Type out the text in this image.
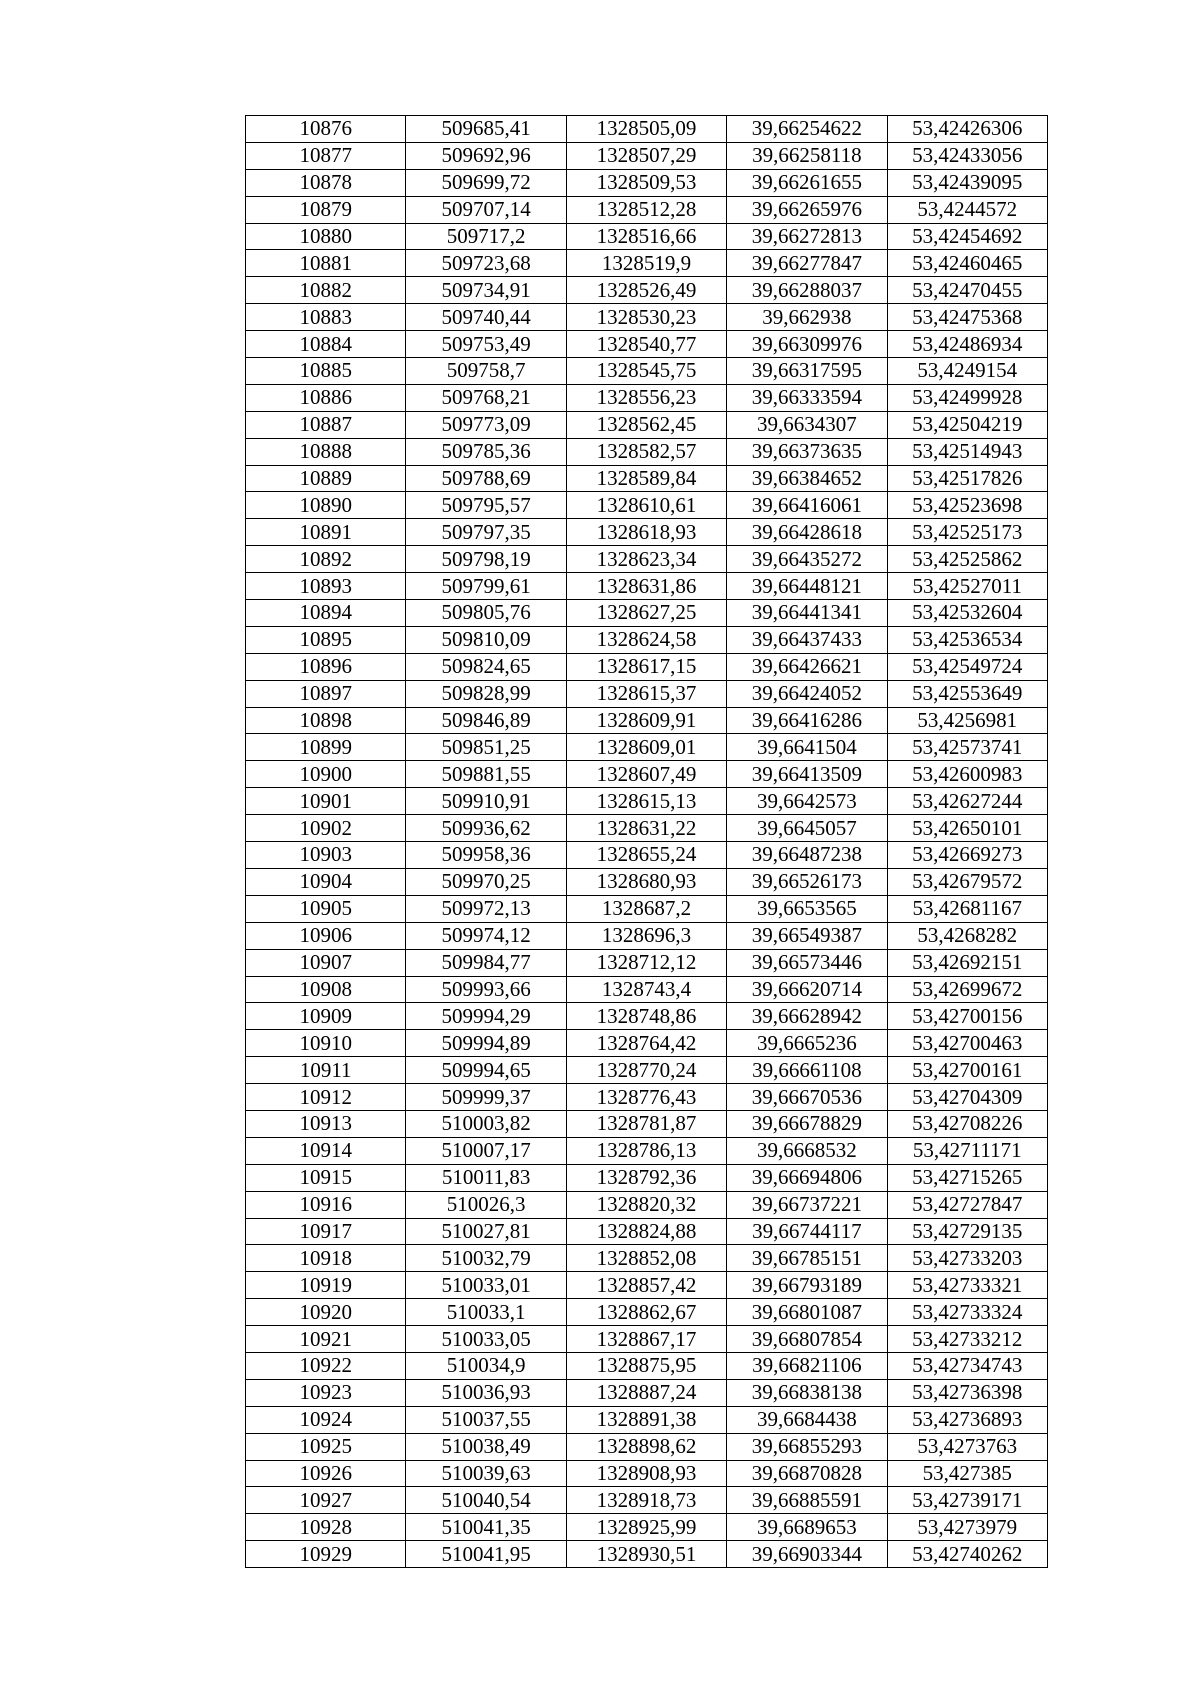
10876	509685,41	1328505,09	39,66254622	53,42426306
10877	509692,96	1328507,29	39,66258118	53,42433056
10878	509699,72	1328509,53	39,66261655	53,42439095
10879	509707,14	1328512,28	39,66265976	53,4244572
10880	509717,2	1328516,66	39,66272813	53,42454692
10881	509723,68	1328519,9	39,66277847	53,42460465
10882	509734,91	1328526,49	39,66288037	53,42470455
10883	509740,44	1328530,23	39,662938	53,42475368
10884	509753,49	1328540,77	39,66309976	53,42486934
10885	509758,7	1328545,75	39,66317595	53,4249154
10886	509768,21	1328556,23	39,66333594	53,42499928
10887	509773,09	1328562,45	39,6634307	53,42504219
10888	509785,36	1328582,57	39,66373635	53,42514943
10889	509788,69	1328589,84	39,66384652	53,42517826
10890	509795,57	1328610,61	39,66416061	53,42523698
10891	509797,35	1328618,93	39,66428618	53,42525173
10892	509798,19	1328623,34	39,66435272	53,42525862
10893	509799,61	1328631,86	39,66448121	53,42527011
10894	509805,76	1328627,25	39,66441341	53,42532604
10895	509810,09	1328624,58	39,66437433	53,42536534
10896	509824,65	1328617,15	39,66426621	53,42549724
10897	509828,99	1328615,37	39,66424052	53,42553649
10898	509846,89	1328609,91	39,66416286	53,4256981
10899	509851,25	1328609,01	39,6641504	53,42573741
10900	509881,55	1328607,49	39,66413509	53,42600983
10901	509910,91	1328615,13	39,6642573	53,42627244
10902	509936,62	1328631,22	39,6645057	53,42650101
10903	509958,36	1328655,24	39,66487238	53,42669273
10904	509970,25	1328680,93	39,66526173	53,42679572
10905	509972,13	1328687,2	39,6653565	53,42681167
10906	509974,12	1328696,3	39,66549387	53,4268282
10907	509984,77	1328712,12	39,66573446	53,42692151
10908	509993,66	1328743,4	39,66620714	53,42699672
10909	509994,29	1328748,86	39,66628942	53,42700156
10910	509994,89	1328764,42	39,6665236	53,42700463
10911	509994,65	1328770,24	39,66661108	53,42700161
10912	509999,37	1328776,43	39,66670536	53,42704309
10913	510003,82	1328781,87	39,66678829	53,42708226
10914	510007,17	1328786,13	39,6668532	53,42711171
10915	510011,83	1328792,36	39,66694806	53,42715265
10916	510026,3	1328820,32	39,66737221	53,42727847
10917	510027,81	1328824,88	39,66744117	53,42729135
10918	510032,79	1328852,08	39,66785151	53,42733203
10919	510033,01	1328857,42	39,66793189	53,42733321
10920	510033,1	1328862,67	39,66801087	53,42733324
10921	510033,05	1328867,17	39,66807854	53,42733212
10922	510034,9	1328875,95	39,66821106	53,42734743
10923	510036,93	1328887,24	39,66838138	53,42736398
10924	510037,55	1328891,38	39,6684438	53,42736893
10925	510038,49	1328898,62	39,66855293	53,4273763
10926	510039,63	1328908,93	39,66870828	53,427385
10927	510040,54	1328918,73	39,66885591	53,42739171
10928	510041,35	1328925,99	39,6689653	53,4273979
10929	510041,95	1328930,51	39,66903344	53,42740262
